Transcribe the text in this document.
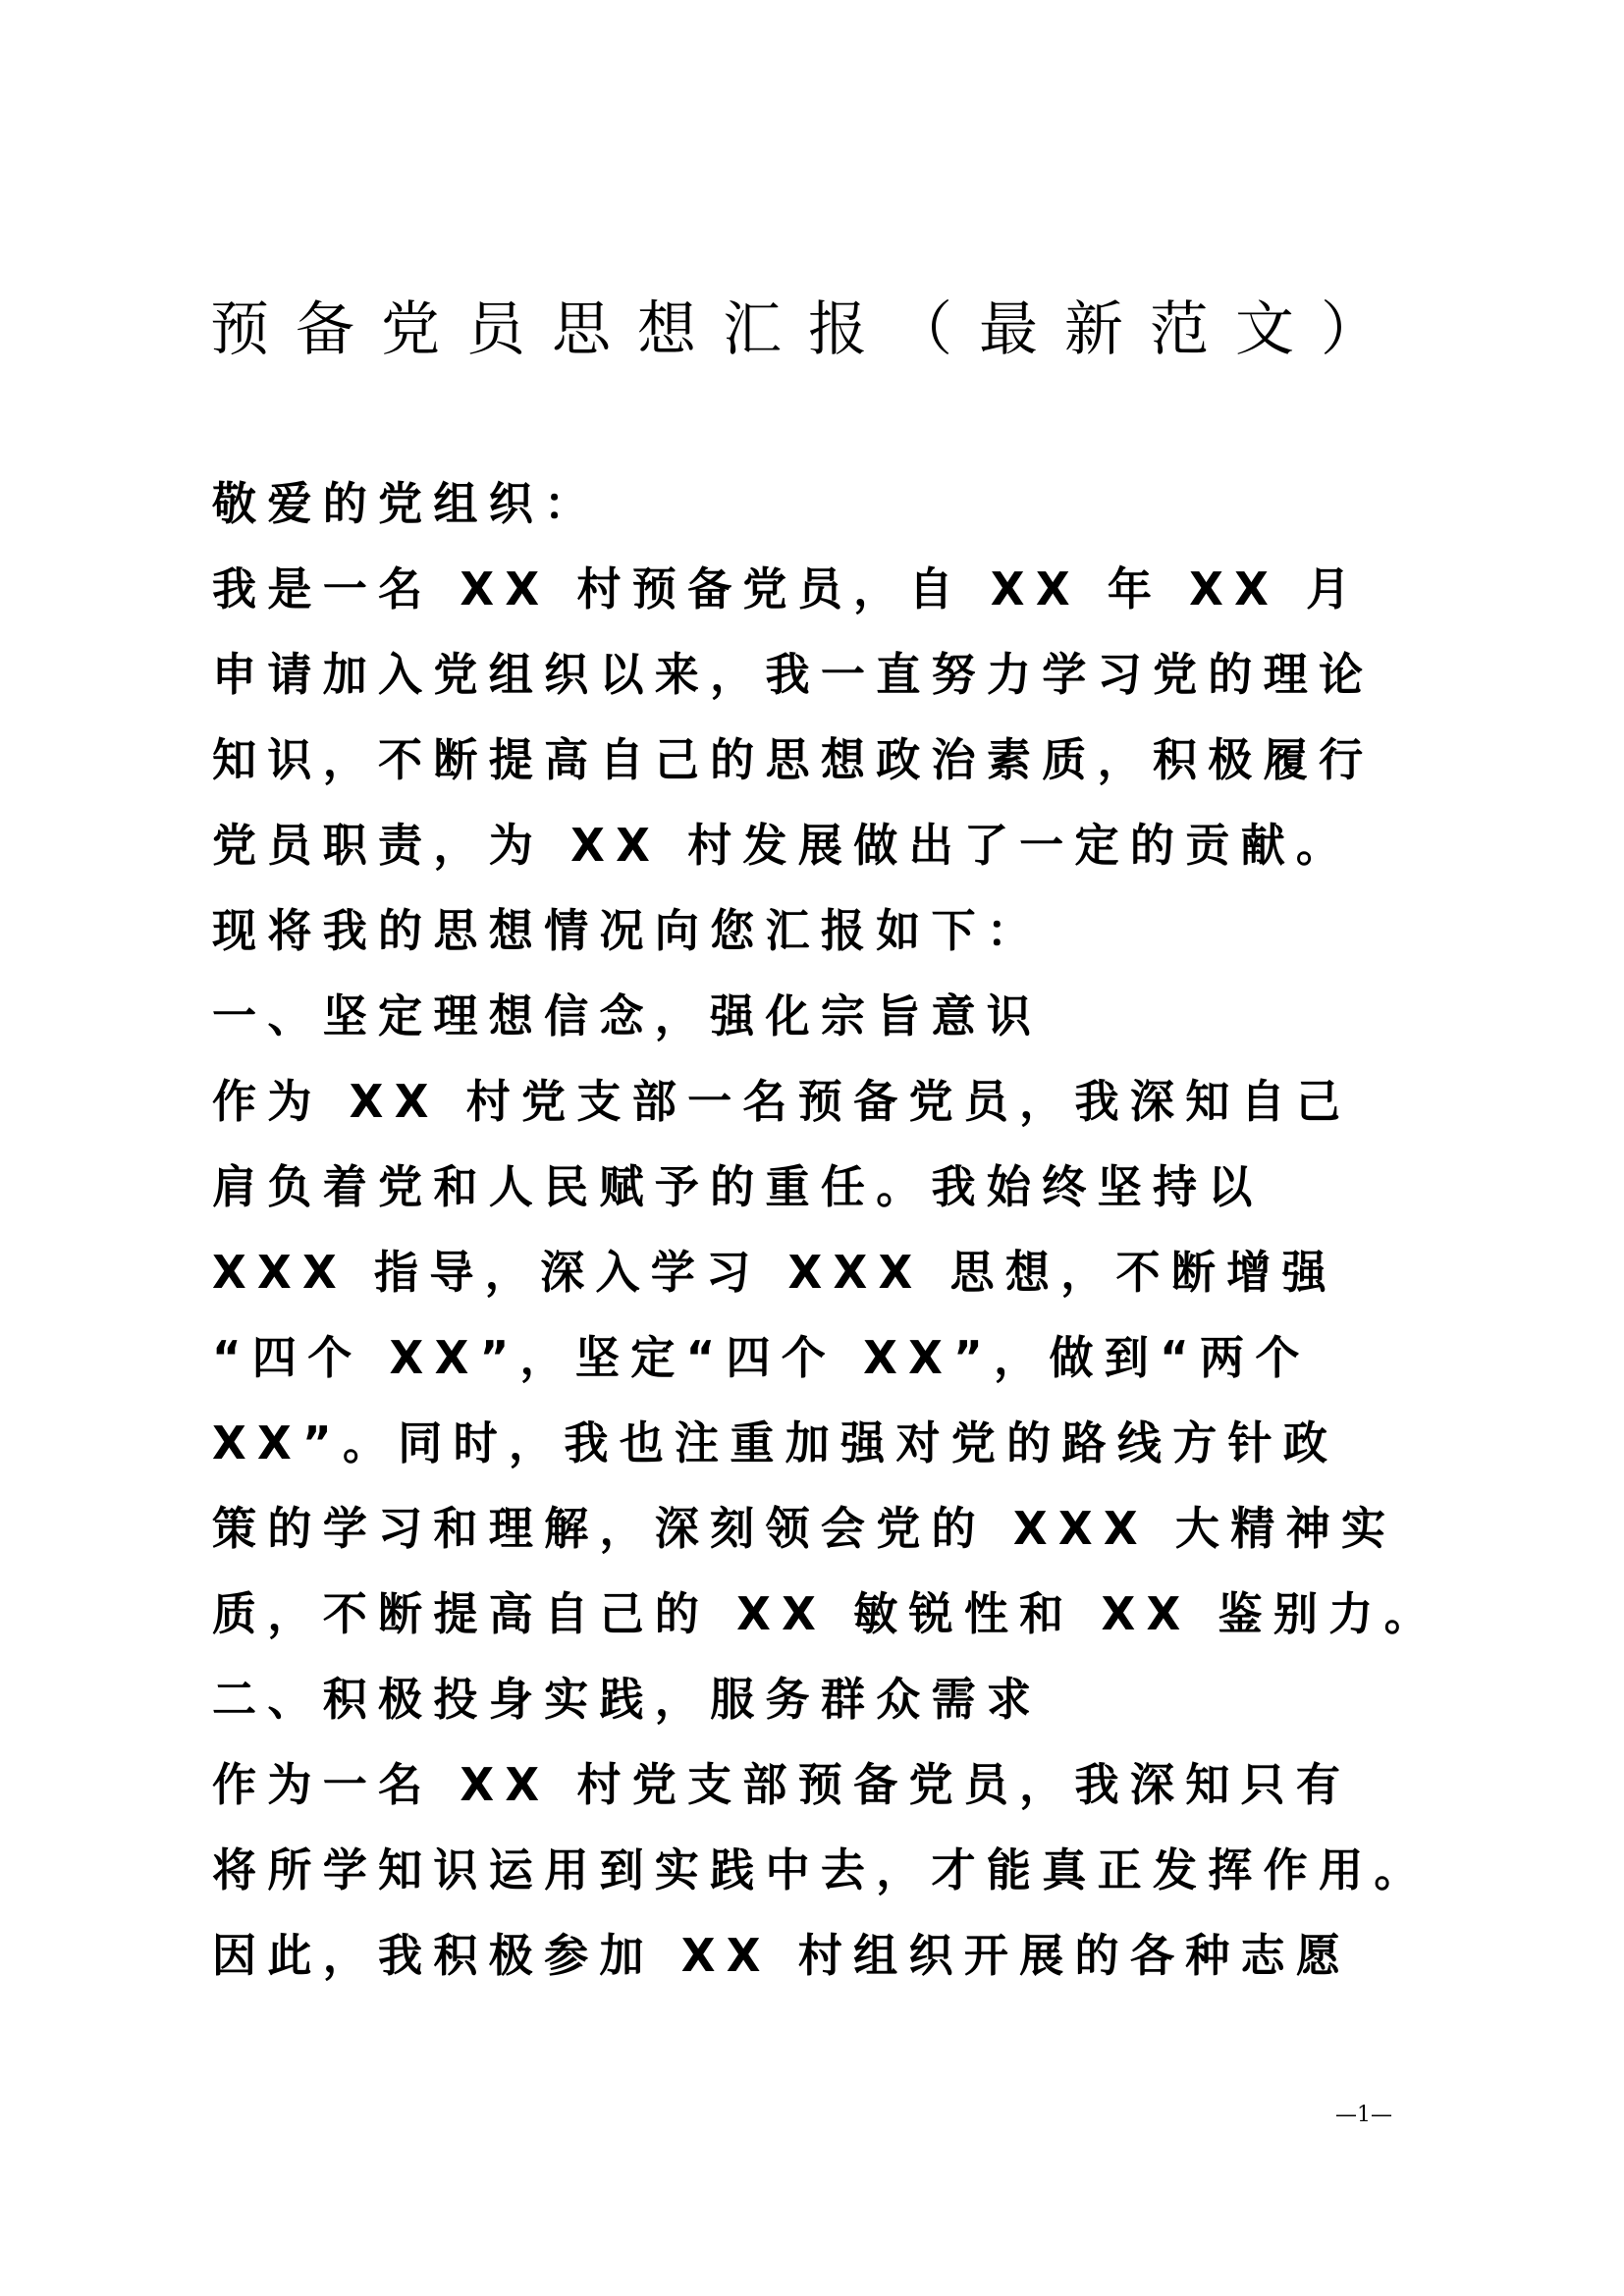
预备党员思想汇报（最新范文）
敬爱的党组织：
我是一名 XX 村预备党员，自 XX 年 XX 月
申请加入党组织以来，我一直努力学习党的理论
知识，不断提高自己的思想政治素质，积极履行
党员职责，为 XX 村发展做出了一定的贡献。
现将我的思想情况向您汇报如下：
一、坚定理想信念，强化宗旨意识
作为 XX 村党支部一名预备党员，我深知自己
肩负着党和人民赋予的重任。我始终坚持以
XXX 指导，深入学习 XXX 思想，不断增强
“四个 XX”，坚定“四个 XX”，做到“两个
XX”。同时，我也注重加强对党的路线方针政
策的学习和理解，深刻领会党的 XXX 大精神实
质，不断提高自己的 XX 敏锐性和 XX 鉴别力。
二、积极投身实践，服务群众需求
作为一名 XX 村党支部预备党员，我深知只有
将所学知识运用到实践中去，才能真正发挥作用。
因此，我积极参加 XX 村组织开展的各种志愿
—1—
